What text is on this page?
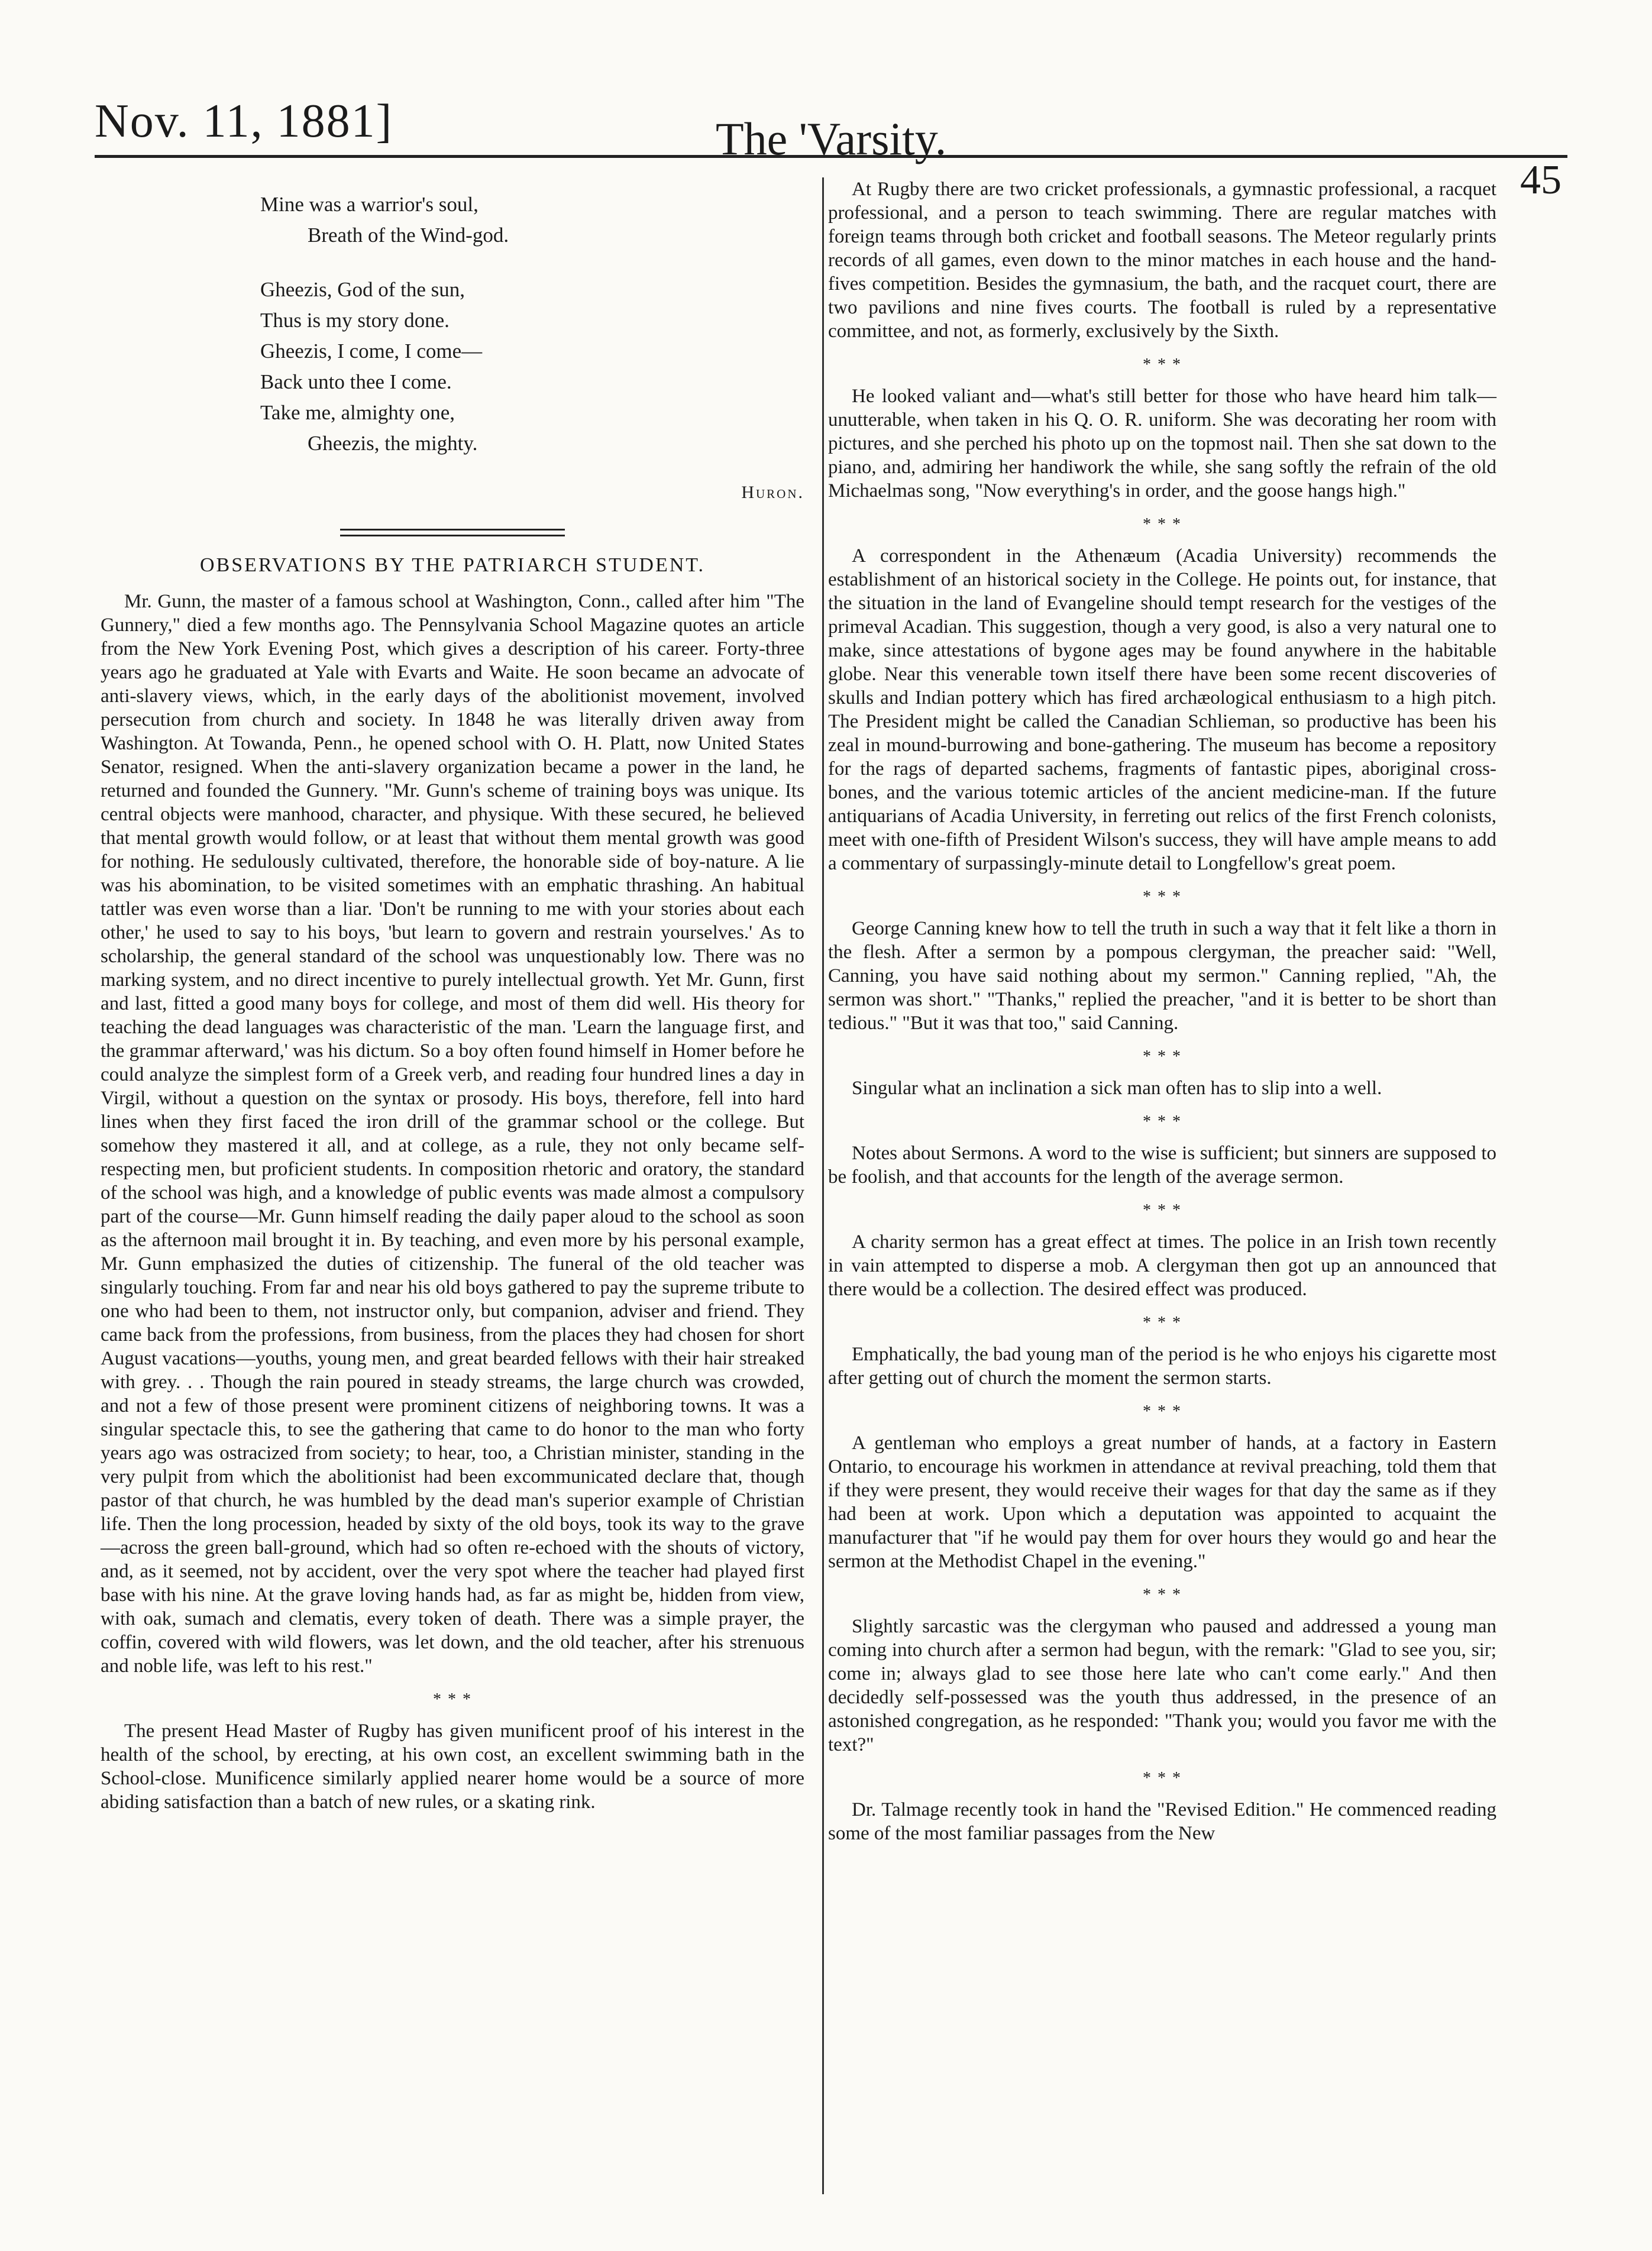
Nov. 11, 1881]	The 'Varsity.
45
Mine was a warrior's soul,
Breath of the Wind-god.
Gheezis, God of the sun,
Thus is my story done.
Gheezis, I come, I come—
Back unto thee I come.
Take me, almighty one,
Gheezis, the mighty.
Huron.
OBSERVATIONS BY THE PATRIARCH STUDENT.

Mr. Gunn, the master of a famous school at Washington, Conn., called after him "The Gunnery," died a few months ago. The Pennsylvania School Magazine quotes an article from the New York Evening Post, which gives a description of his career. Forty-three years ago he graduated at Yale with Evarts and Waite. He soon became an advocate of anti-slavery views, which, in the early days of the abolitionist movement, involved persecution from church and society. In 1848 he was literally driven away from Washington. At Towanda, Penn., he opened school with O. H. Platt, now United States Senator, resigned. When the anti-slavery organization became a power in the land, he returned and founded the Gunnery. "Mr. Gunn's scheme of training boys was unique. Its central objects were manhood, character, and physique. With these secured, he believed that mental growth would follow, or at least that without them mental growth was good for nothing. He sedulously cultivated, therefore, the honorable side of boy-nature. A lie was his abomination, to be visited sometimes with an emphatic thrashing. An habitual tattler was even worse than a liar. 'Don't be running to me with your stories about each other,' he used to say to his boys, 'but learn to govern and restrain yourselves.' As to scholarship, the general standard of the school was unquestionably low. There was no marking system, and no direct incentive to purely intellectual growth. Yet Mr. Gunn, first and last, fitted a good many boys for college, and most of them did well. His theory for teaching the dead languages was characteristic of the man. 'Learn the language first, and the grammar afterward,' was his dictum. So a boy often found himself in Homer before he could analyze the simplest form of a Greek verb, and reading four hundred lines a day in Virgil, without a question on the syntax or prosody. His boys, therefore, fell into hard lines when they first faced the iron drill of the grammar school or the college. But somehow they mastered it all, and at college, as a rule, they not only became self-respecting men, but proficient students. In composition rhetoric and oratory, the standard of the school was high, and a knowledge of public events was made almost a compulsory part of the course—Mr. Gunn himself reading the daily paper aloud to the school as soon as the afternoon mail brought it in. By teaching, and even more by his personal example, Mr. Gunn emphasized the duties of citizenship. The funeral of the old teacher was singularly touching. From far and near his old boys gathered to pay the supreme tribute to one who had been to them, not instructor only, but companion, adviser and friend. They came back from the professions, from business, from the places they had chosen for short August vacations—youths, young men, and great bearded fellows with their hair streaked with grey. . . Though the rain poured in steady streams, the large church was crowded, and not a few of those present were prominent citizens of neighboring towns. It was a singular spectacle this, to see the gathering that came to do honor to the man who forty years ago was ostracized from society; to hear, too, a Christian minister, standing in the very pulpit from which the abolitionist had been excommunicated declare that, though pastor of that church, he was humbled by the dead man's superior example of Christian life. Then the long procession, headed by sixty of the old boys, took its way to the grave—across the green ball-ground, which had so often re-echoed with the shouts of victory, and, as it seemed, not by accident, over the very spot where the teacher had played first base with his nine. At the grave loving hands had, as far as might be, hidden from view, with oak, sumach and clematis, every token of death. There was a simple prayer, the coffin, covered with wild flowers, was let down, and the old teacher, after his strenuous and noble life, was left to his rest."

* * *

The present Head Master of Rugby has given munificent proof of his interest in the health of the school, by erecting, at his own cost, an excellent swimming bath in the School-close. Munificence similarly applied nearer home would be a source of more abiding satisfaction than a batch of new rules, or a skating rink.

At Rugby there are two cricket professionals, a gymnastic professional, a racquet professional, and a person to teach swimming. There are regular matches with foreign teams through both cricket and football seasons. The Meteor regularly prints records of all games, even down to the minor matches in each house and the hand-fives competition. Besides the gymnasium, the bath, and the racquet court, there are two pavilions and nine fives courts. The football is ruled by a representative committee, and not, as formerly, exclusively by the Sixth.

* * *

He looked valiant and—what's still better for those who have heard him talk—unutterable, when taken in his Q. O. R. uniform. She was decorating her room with pictures, and she perched his photo up on the topmost nail. Then she sat down to the piano, and, admiring her handiwork the while, she sang softly the refrain of the old Michaelmas song, "Now everything's in order, and the goose hangs high."

* * *

A correspondent in the Athenæum (Acadia University) recommends the establishment of an historical society in the College. He points out, for instance, that the situation in the land of Evangeline should tempt research for the vestiges of the primeval Acadian. This suggestion, though a very good, is also a very natural one to make, since attestations of bygone ages may be found anywhere in the habitable globe. Near this venerable town itself there have been some recent discoveries of skulls and Indian pottery which has fired archæological enthusiasm to a high pitch. The President might be called the Canadian Schlieman, so productive has been his zeal in mound-burrowing and bone-gathering. The museum has become a repository for the rags of departed sachems, fragments of fantastic pipes, aboriginal cross-bones, and the various totemic articles of the ancient medicine-man. If the future antiquarians of Acadia University, in ferreting out relics of the first French colonists, meet with one-fifth of President Wilson's success, they will have ample means to add a commentary of surpassingly-minute detail to Longfellow's great poem.

* * *

George Canning knew how to tell the truth in such a way that it felt like a thorn in the flesh. After a sermon by a pompous clergyman, the preacher said: "Well, Canning, you have said nothing about my sermon." Canning replied, "Ah, the sermon was short." "Thanks," replied the preacher, "and it is better to be short than tedious." "But it was that too," said Canning.

* * *

Singular what an inclination a sick man often has to slip into a well.

* * *

Notes about Sermons. A word to the wise is sufficient; but sinners are supposed to be foolish, and that accounts for the length of the average sermon.

* * *

A charity sermon has a great effect at times. The police in an Irish town recently in vain attempted to disperse a mob. A clergyman then got up an announced that there would be a collection. The desired effect was produced.

* * *

Emphatically, the bad young man of the period is he who enjoys his cigarette most after getting out of church the moment the sermon starts.

* * *

A gentleman who employs a great number of hands, at a factory in Eastern Ontario, to encourage his workmen in attendance at revival preaching, told them that if they were present, they would receive their wages for that day the same as if they had been at work. Upon which a deputation was appointed to acquaint the manufacturer that "if he would pay them for over hours they would go and hear the sermon at the Methodist Chapel in the evening."

* * *

Slightly sarcastic was the clergyman who paused and addressed a young man coming into church after a sermon had begun, with the remark: "Glad to see you, sir; come in; always glad to see those here late who can't come early." And then decidedly self-possessed was the youth thus addressed, in the presence of an astonished congregation, as he responded: "Thank you; would you favor me with the text?"

* * *

Dr. Talmage recently took in hand the "Revised Edition." He commenced reading some of the most familiar passages from the New
